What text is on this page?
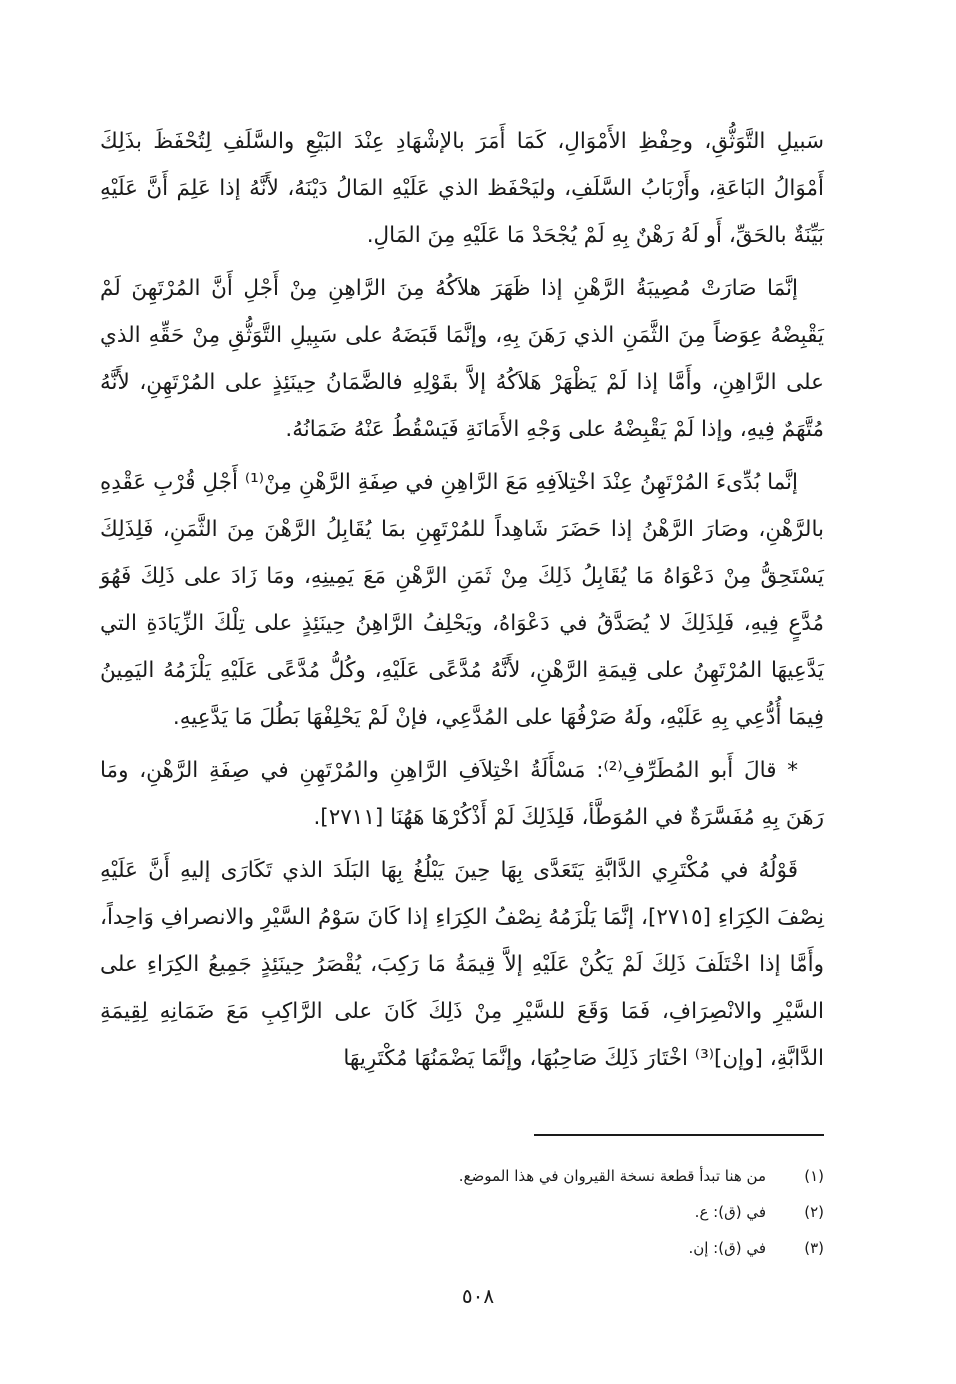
سَبيلِ التَّوَثُّقِ، وحِفْظِ الأَمْوَالِ، كَمَا أَمَرَ بالإشْهَادِ عِنْدَ البَيْعِ والسَّلَفِ لِتُحْفَظَ بذَلِكَ أَمْوَالُ البَاعَةِ، وأَرْبَابُ السَّلَفِ، وليَحْفَظ الذي عَلَيْهِ المَالُ دَيْنَهُ، لأَنَّهُ إذا عَلِمَ أَنَّ عَلَيْهِ بَيِّنَةٌ بالحَقِّ، أَو لَهُ رَهْنٌ بِهِ لَمْ يُجْحَدْ مَا عَلَيْهِ مِنَ المَالِ.

إنَّمَا صَارَتْ مُصِيبَةُ الرَّهْنِ إذا ظَهَرَ هلاَكُهُ مِنَ الرَّاهِنِ مِنْ أَجْلِ أَنَّ المُرْتَهِنَ لَمْ يَقْبِضْهُ عِوَضاً مِنَ الثَّمَنِ الذي رَهَنَ بِهِ، وإنَّمَا قَبَضَهُ على سَبِيلِ التَّوَثُّقِ مِنْ حَقِّهِ الذي على الرَّاهِنِ، وأَمَّا إذا لَمْ يَظْهَرْ هَلاَكُهُ إلاَّ بقَوْلِهِ فالضَّمَانُ حِينَئِذٍ على المُرْتَهِنِ، لأَنَّهُ مُتَّهَمٌ فِيهِ، وإذا لَمْ يَقْبِضْهُ على وَجْهِ الأَمَانَةِ فَيَسْقُطُ عَنْهُ ضَمَانُهُ.

إنَّما بُدِّىءَ المُرْتَهِنُ عِنْدَ اخْتِلاَفِهِ مَعَ الرَّاهِنِ في صِفَةِ الرَّهْنِ مِنْ⁽¹⁾ أَجْلِ قُرْبِ عَقْدِهِ بالرَّهْنِ، وصَارَ الرَّهْنُ إذا حَضَرَ شَاهِداً للمُرْتَهِنِ بمَا يُقَابِلُ الرَّهْنَ مِنَ الثَّمَنِ، فَلِذَلِكَ يَسْتَحِقُّ مِنْ دَعْوَاهُ مَا يُقَابِلُ ذَلِكَ مِنْ ثَمَنِ الرَّهْنِ مَعَ يَمِينِهِ، ومَا زَادَ على ذَلِكَ فَهُوَ مُدَّعٍ فِيهِ، فَلِذَلِكَ لا يُصَدَّقُ في دَعْوَاهُ، ويَحْلِفُ الرَّاهِنُ حِينَئِذٍ على تِلْكَ الزِّيَادَةِ التي يَدَّعِيهَا المُرْتَهِنُ على قِيمَةِ الرَّهْنِ، لأَنَّهُ مُدَّعًى عَلَيْهِ، وكُلُّ مُدَّعًى عَلَيْهِ يَلْزَمُهُ اليَمِينُ فِيمَا أُدُّعِي بِهِ عَلَيْهِ، ولَهُ صَرْفُهَا على المُدَّعِي، فإنْ لَمْ يَحْلِفْهَا بَطُلَ مَا يَدَّعِيهِ.

* قالَ أَبو المُطَرِّفِ⁽²⁾: مَسْأَلَةُ اخْتِلاَفِ الرَّاهِنِ والمُرْتَهِنِ في صِفَةِ الرَّهْنِ، ومَا رَهَنَ بِهِ مُفَسَّرَةٌ في المُوَطَّأ، فَلِذَلِكَ لَمْ أَذْكُرْهَا هَهُنَا [٢٧١١].

قَوْلُهُ في مُكْتَرِي الدَّابَّةِ يَتَعَدَّى بِهَا حِينَ يَبْلُغُ بِهَا البَلَدَ الذي تَكَارَى إليهِ أَنَّ عَلَيْهِ نِصْفَ الكِرَاءِ [٢٧١٥]، إنَّمَا يَلْزَمُهُ نِصْفُ الكِرَاءِ إذا كَانَ سَوْمُ السَّيْرِ والانصرافِ وَاحِداً، وأَمَّا إذا اخْتَلَفَ ذَلِكَ لَمْ يَكُنْ عَلَيْهِ إلاَّ قِيمَةُ مَا رَكِبَ، يُقْصَرُ حِينَئِذٍ جَمِيعُ الكِرَاءِ على السَّيْرِ والانْصِرَافِ، فَمَا وَقَعَ للسَّيْرِ مِنْ ذَلِكَ كَانَ على الرَّاكِبِ مَعَ ضَمَانِهِ لِقِيمَةِ الدَّابَّةِ، [وإن]⁽³⁾ اخْتَارَ ذَلِكَ صَاحِبُهَا، وإنَّمَا يَضْمَنُهَا مُكْتَرِيهَا

(١)
من هنا تبدأ قطعة نسخة القيروان في هذا الموضع.
(٢)
في (ق): ع.
(٣)
في (ق): إن.
٥٠٨
